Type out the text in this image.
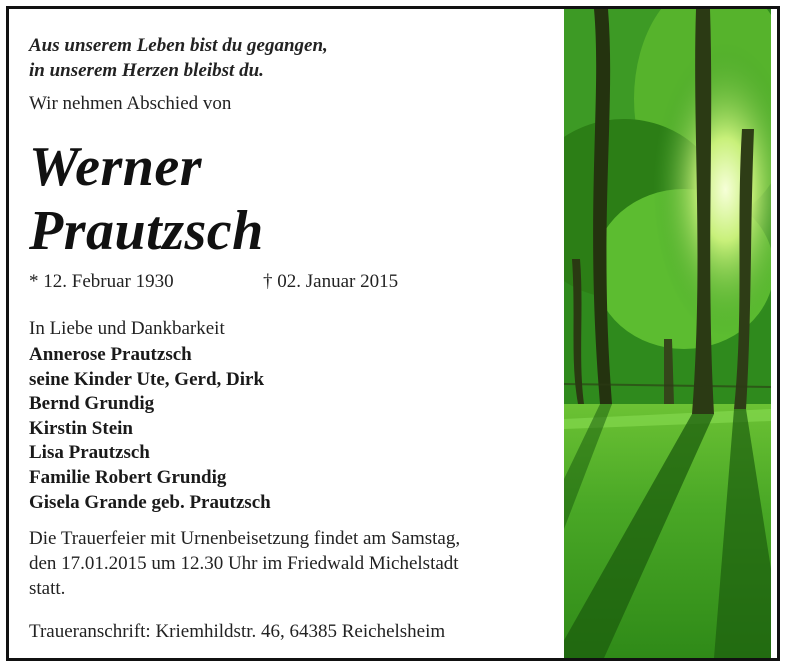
Aus unserem Leben bist du gegangen,
in unserem Herzen bleibst du.
Wir nehmen Abschied von
Werner
Prautzsch
* 12. Februar 1930	† 02. Januar 2015
In Liebe und Dankbarkeit
Annerose Prautzsch
seine Kinder Ute, Gerd, Dirk
Bernd Grundig
Kirstin Stein
Lisa Prautzsch
Familie Robert Grundig
Gisela Grande geb. Prautzsch
Die Trauerfeier mit Urnenbeisetzung findet am Samstag,
den 17.01.2015 um 12.30 Uhr im Friedwald Michelstadt
statt.
Traueranschrift: Kriemhildstr. 46, 64385 Reichelsheim
